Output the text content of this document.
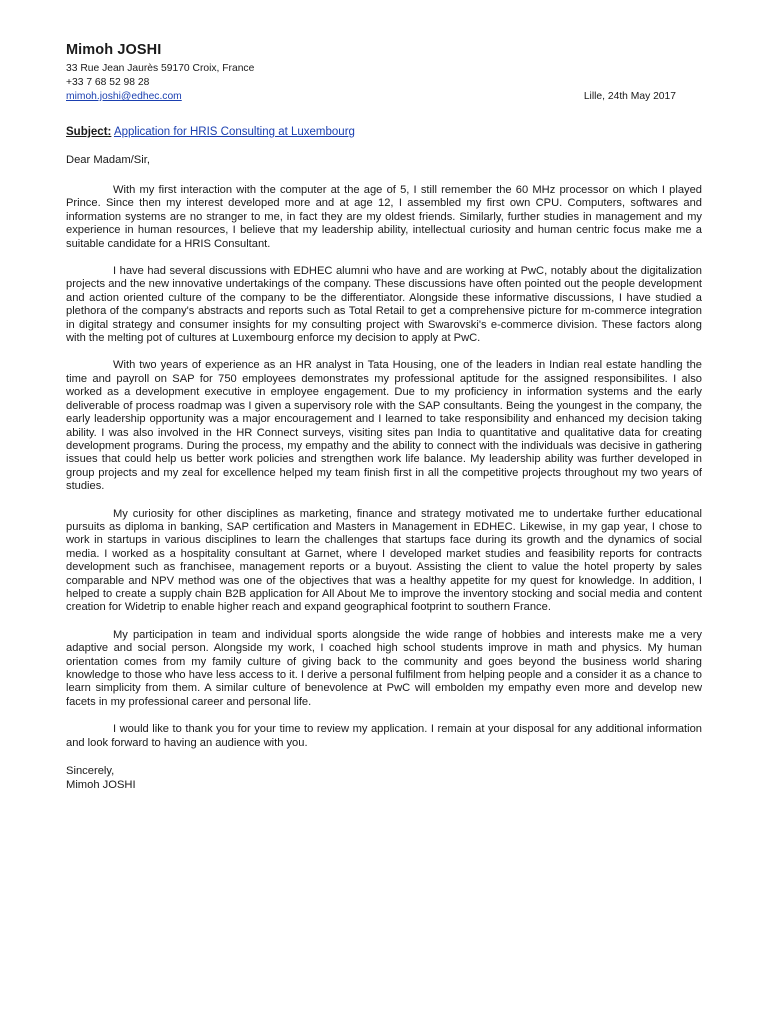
Mimoh JOSHI

33 Rue Jean Jaurès 59170 Croix, France

+33 7 68 52 98 28

mimoh.joshi@edhec.com	Lille, 24th May 2017
Subject: Application for HRIS Consulting at Luxembourg
Dear Madam/Sir,

With my first interaction with the computer at the age of 5, I still remember the 60 MHz processor on which I played Prince. Since then my interest developed more and at age 12, I assembled my first own CPU. Computers, softwares and information systems are no stranger to me, in fact they are my oldest friends. Similarly, further studies in management and my experience in human resources, I believe that my leadership ability, intellectual curiosity and human centric focus make me a suitable candidate for a HRIS Consultant.

I have had several discussions with EDHEC alumni who have and are working at PwC, notably about the digitalization projects and the new innovative undertakings of the company. These discussions have often pointed out the people development and action oriented culture of the company to be the differentiator. Alongside these informative discussions, I have studied a plethora of the company's abstracts and reports such as Total Retail to get a comprehensive picture for m-commerce integration in digital strategy and consumer insights for my consulting project with Swarovski's e-commerce division. These factors along with the melting pot of cultures at Luxembourg enforce my decision to apply at PwC.

With two years of experience as an HR analyst in Tata Housing, one of the leaders in Indian real estate handling the time and payroll on SAP for 750 employees demonstrates my professional aptitude for the assigned responsibilites. I also worked as a development executive in employee engagement. Due to my proficiency in information systems and the early deliverable of process roadmap was I given a supervisory role with the SAP consultants. Being the youngest in the company, the early leadership opportunity was a major encouragement and I learned to take responsibility and enhanced my decision taking ability. I was also involved in the HR Connect surveys, visiting sites pan India to quantitative and qualitative data for creating development programs. During the process, my empathy and the ability to connect with the individuals was decisive in gathering issues that could help us better work policies and strengthen work life balance. My leadership ability was further developed in group projects and my zeal for excellence helped my team finish first in all the competitive projects throughout my two years of studies.

My curiosity for other disciplines as marketing, finance and strategy motivated me to undertake further educational pursuits as diploma in banking, SAP certification and Masters in Management in EDHEC. Likewise, in my gap year, I chose to work in startups in various disciplines to learn the challenges that startups face during its growth and the dynamics of social media. I worked as a hospitality consultant at Garnet, where I developed market studies and feasibility reports for contracts development such as franchisee, management reports or a buyout. Assisting the client to value the hotel property by sales comparable and NPV method was one of the objectives that was a healthy appetite for my quest for knowledge. In addition, I helped to create a supply chain B2B application for All About Me to improve the inventory stocking and social media and content creation for Widetrip to enable higher reach and expand geographical footprint to southern France.

My participation in team and individual sports alongside the wide range of hobbies and interests make me a very adaptive and social person. Alongside my work, I coached high school students improve in math and physics. My human orientation comes from my family culture of giving back to the community and goes beyond the business world sharing knowledge to those who have less access to it. I derive a personal fulfilment from helping people and a consider it as a chance to learn simplicity from them. A similar culture of benevolence at PwC will embolden my empathy even more and develop new facets in my professional career and personal life.

I would like to thank you for your time to review my application. I remain at your disposal for any additional information and look forward to having an audience with you.

Sincerely,
Mimoh JOSHI
